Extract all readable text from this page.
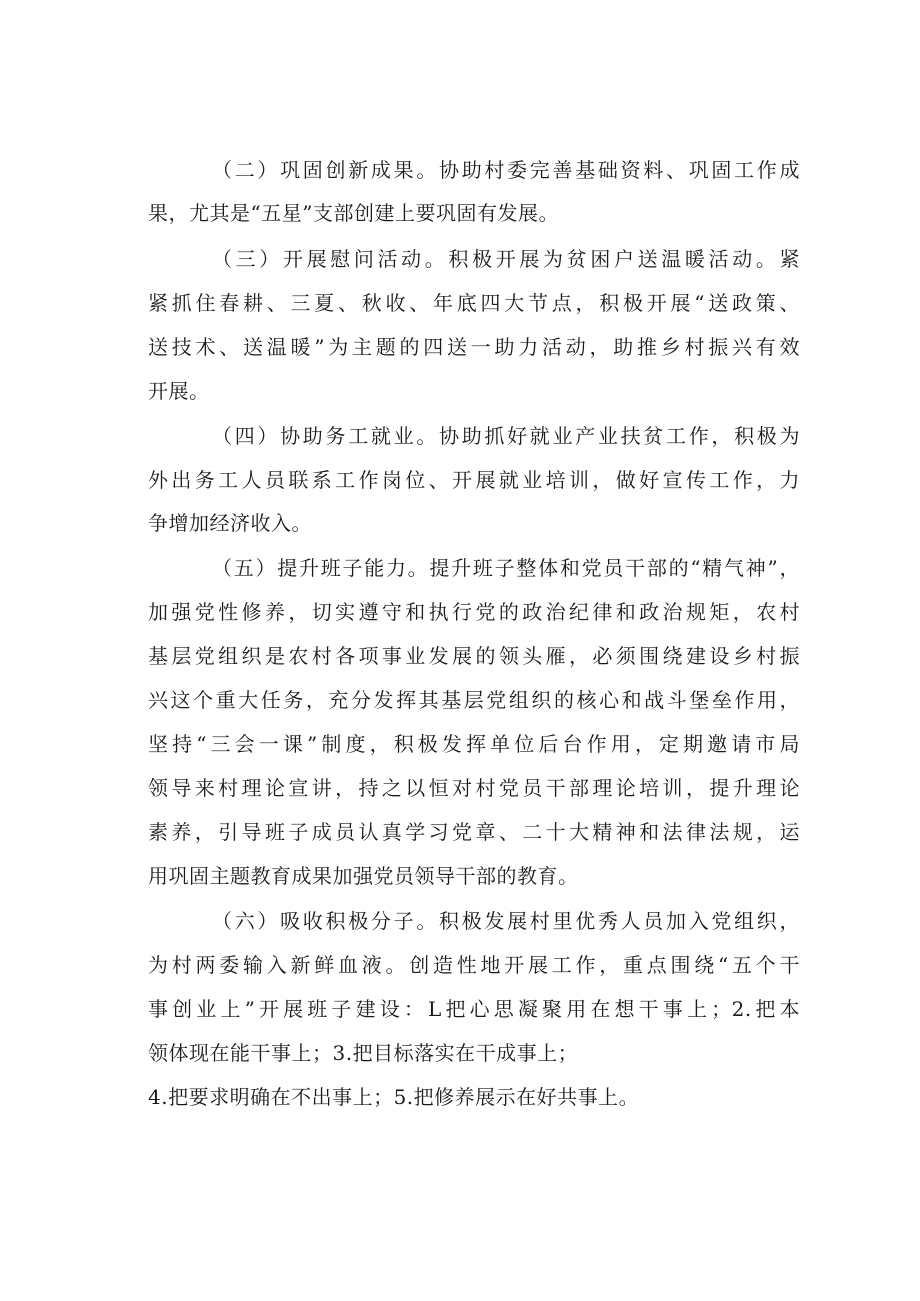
（二）巩固创新成果。协助村委完善基础资料、巩固工作成
果，尤其是“五星”支部创建上要巩固有发展。
（三）开展慰问活动。积极开展为贫困户送温暖活动。紧
紧抓住春耕、三夏、秋收、年底四大节点，积极开展“送政策、
送技术、送温暖”为主题的四送一助力活动，助推乡村振兴有效
开展。
（四）协助务工就业。协助抓好就业产业扶贫工作，积极为
外出务工人员联系工作岗位、开展就业培训，做好宣传工作，力
争增加经济收入。
（五）提升班子能力。提升班子整体和党员干部的“精气神”，
加强党性修养，切实遵守和执行党的政治纪律和政治规矩，农村
基层党组织是农村各项事业发展的领头雁，必须围绕建设乡村振
兴这个重大任务，充分发挥其基层党组织的核心和战斗堡垒作用，
坚持“三会一课”制度，积极发挥单位后台作用，定期邀请市局
领导来村理论宣讲，持之以恒对村党员干部理论培训，提升理论
素养，引导班子成员认真学习党章、二十大精神和法律法规，运
用巩固主题教育成果加强党员领导干部的教育。
（六）吸收积极分子。积极发展村里优秀人员加入党组织，
为村两委输入新鲜血液。创造性地开展工作，重点围绕“五个干
事创业上”开展班子建设：L把心思凝聚用在想干事上；2.把本
领体现在能干事上；3.把目标落实在干成事上；
4.把要求明确在不出事上；5.把修养展示在好共事上。
